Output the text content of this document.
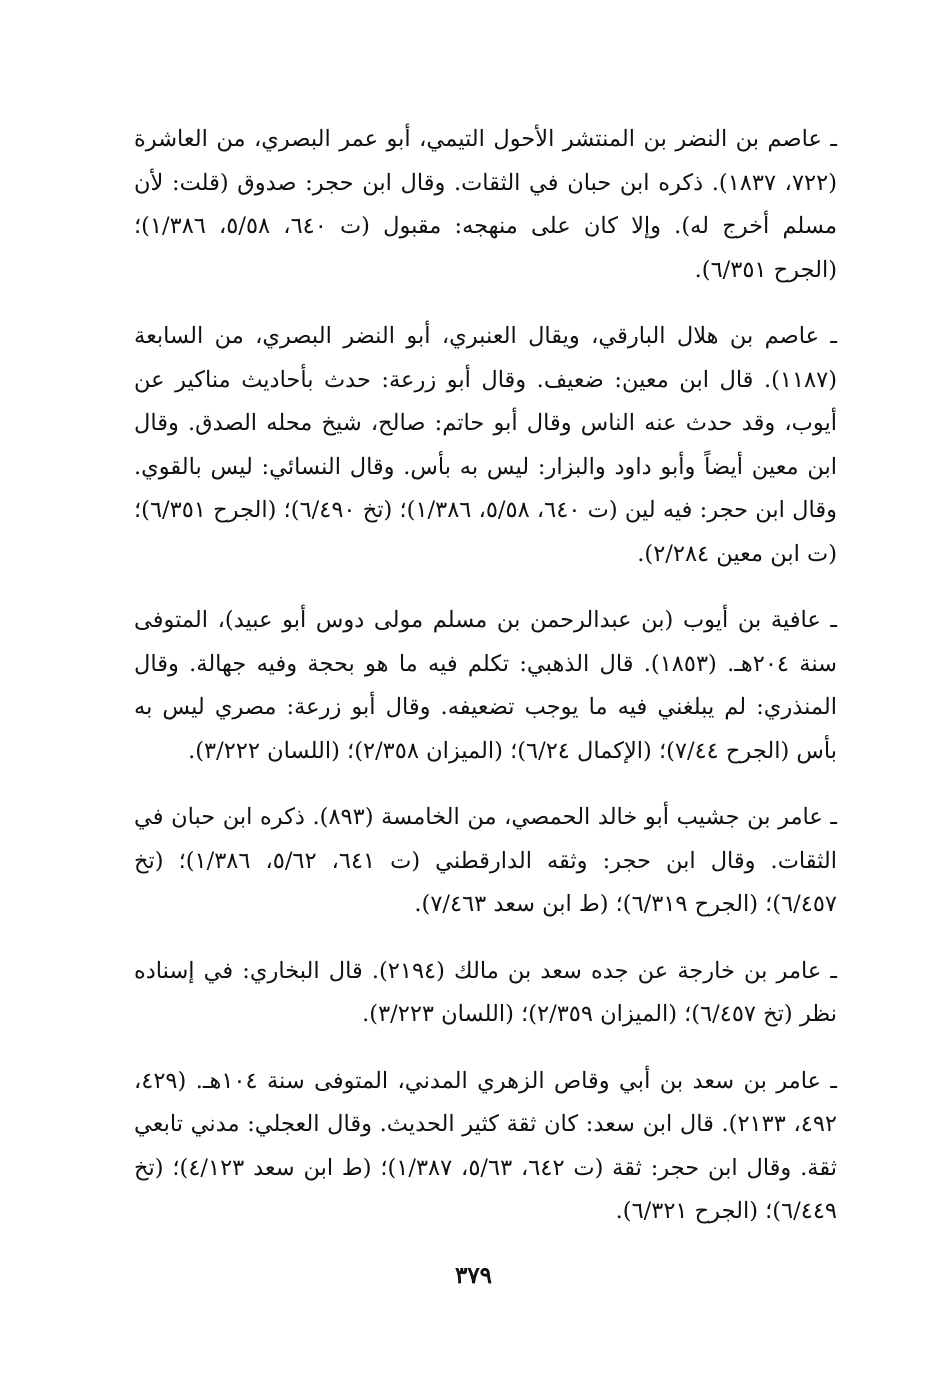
ـ عاصم بن النضر بن المنتشر الأحول التيمي، أبو عمر البصري، من العاشرة (٧٢٢، ١٨٣٧). ذكره ابن حبان في الثقات. وقال ابن حجر: صدوق (قلت: لأن مسلم أخرج له). وإلا كان على منهجه: مقبول (ت ٦٤٠، ٥/٥٨، ١/٣٨٦)؛ (الجرح ٦/٣٥١).

ـ عاصم بن هلال البارقي، ويقال العنبري، أبو النضر البصري، من السابعة (١١٨٧). قال ابن معين: ضعيف. وقال أبو زرعة: حدث بأحاديث مناكير عن أيوب، وقد حدث عنه الناس وقال أبو حاتم: صالح، شيخ محله الصدق. وقال ابن معين أيضاً وأبو داود والبزار: ليس به بأس. وقال النسائي: ليس بالقوي. وقال ابن حجر: فيه لين (ت ٦٤٠، ٥/٥٨، ١/٣٨٦)؛ (تخ ٦/٤٩٠)؛ (الجرح ٦/٣٥١)؛ (ت ابن معين ٢/٢٨٤).

ـ عافية بن أيوب (بن عبدالرحمن بن مسلم مولى دوس أبو عبيد)، المتوفى سنة ٢٠٤هـ. (١٨٥٣). قال الذهبي: تكلم فيه ما هو بحجة وفيه جهالة. وقال المنذري: لم يبلغني فيه ما يوجب تضعيفه. وقال أبو زرعة: مصري ليس به بأس (الجرح ٧/٤٤)؛ (الإكمال ٦/٢٤)؛ (الميزان ٢/٣٥٨)؛ (اللسان ٣/٢٢٢).

ـ عامر بن جشيب أبو خالد الحمصي، من الخامسة (٨٩٣). ذكره ابن حبان في الثقات. وقال ابن حجر: وثقه الدارقطني (ت ٦٤١، ٥/٦٢، ١/٣٨٦)؛ (تخ ٦/٤٥٧)؛ (الجرح ٦/٣١٩)؛ (ط ابن سعد ٧/٤٦٣).

ـ عامر بن خارجة عن جده سعد بن مالك (٢١٩٤). قال البخاري: في إسناده نظر (تخ ٦/٤٥٧)؛ (الميزان ٢/٣٥٩)؛ (اللسان ٣/٢٢٣).

ـ عامر بن سعد بن أبي وقاص الزهري المدني، المتوفى سنة ١٠٤هـ. (٤٢٩، ٤٩٢، ٢١٣٣). قال ابن سعد: كان ثقة كثير الحديث. وقال العجلي: مدني تابعي ثقة. وقال ابن حجر: ثقة (ت ٦٤٢، ٥/٦٣، ١/٣٨٧)؛ (ط ابن سعد ٤/١٢٣)؛ (تخ ٦/٤٤٩)؛ (الجرح ٦/٣٢١).

٣٧٩
